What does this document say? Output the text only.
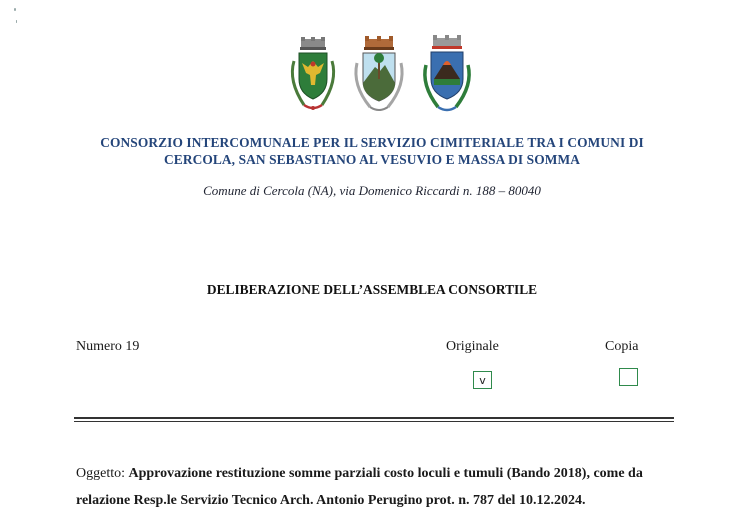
CONSORZIO INTERCOMUNALE PER IL SERVIZIO CIMITERIALE TRA I COMUNI DI
CERCOLA, SAN SEBASTIANO AL VESUVIO E MASSA DI SOMMA
Comune di Cercola (NA), via Domenico Riccardi n. 188 – 80040
DELIBERAZIONE DELL’ASSEMBLEA CONSORTILE
Numero 19	Originale	Copia
v
Oggetto: Approvazione restituzione somme parziali costo loculi e tumuli (Bando 2018), come da
relazione Resp.le Servizio Tecnico Arch. Antonio Perugino prot. n. 787 del 10.12.2024.
